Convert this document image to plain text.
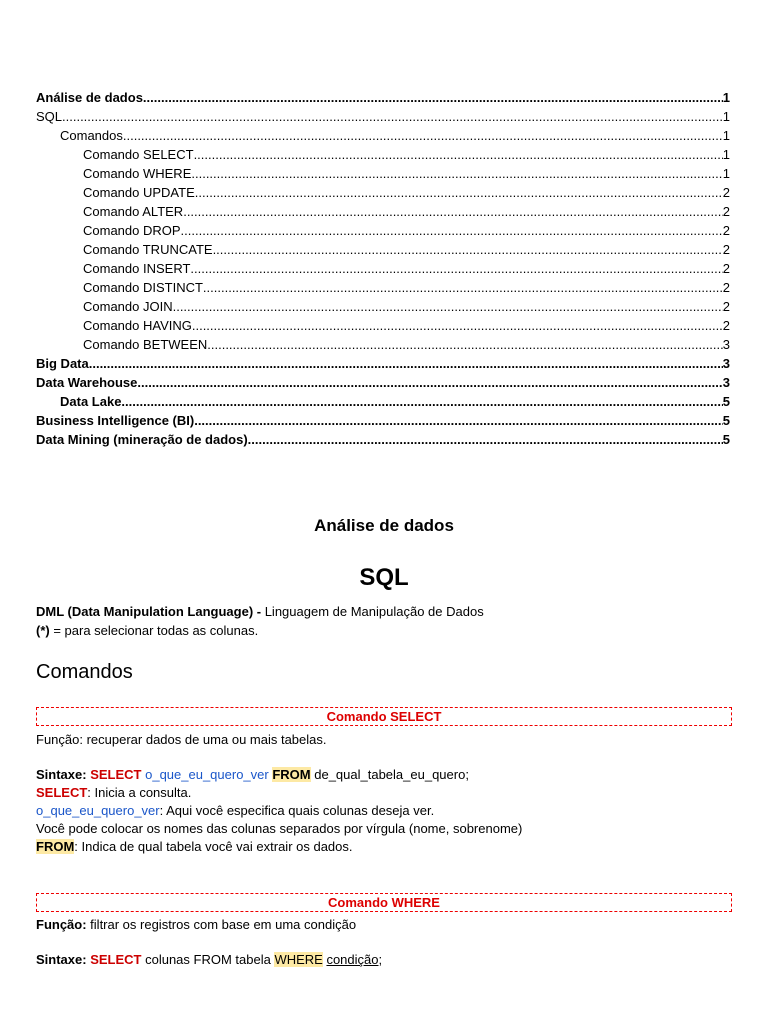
Análise de dados .....	1
SQL .....	1
Comandos .....	1
Comando SELECT .....	1
Comando WHERE .....	1
Comando UPDATE .....	2
Comando ALTER .....	2
Comando DROP .....	2
Comando TRUNCATE .....	2
Comando INSERT .....	2
Comando DISTINCT .....	2
Comando JOIN .....	2
Comando HAVING .....	2
Comando BETWEEN .....	3
Big Data .....	3
Data Warehouse .....	3
Data Lake .....	5
Business Intelligence (BI) .....	5
Data Mining (mineração de dados) .....	5
Análise de dados
SQL
DML (Data Manipulation Language) - Linguagem de Manipulação de Dados
(*) = para selecionar todas as colunas.
Comandos
Comando SELECT
Função: recuperar dados de uma ou mais tabelas.
Sintaxe: SELECT o_que_eu_quero_ver FROM de_qual_tabela_eu_quero;
SELECT: Inicia a consulta.
o_que_eu_quero_ver: Aqui você especifica quais colunas deseja ver.
Você pode colocar os nomes das colunas separados por vírgula (nome, sobrenome)
FROM: Indica de qual tabela você vai extrair os dados.
Comando WHERE
Função: filtrar os registros com base em uma condição
Sintaxe: SELECT colunas FROM tabela WHERE condição;
